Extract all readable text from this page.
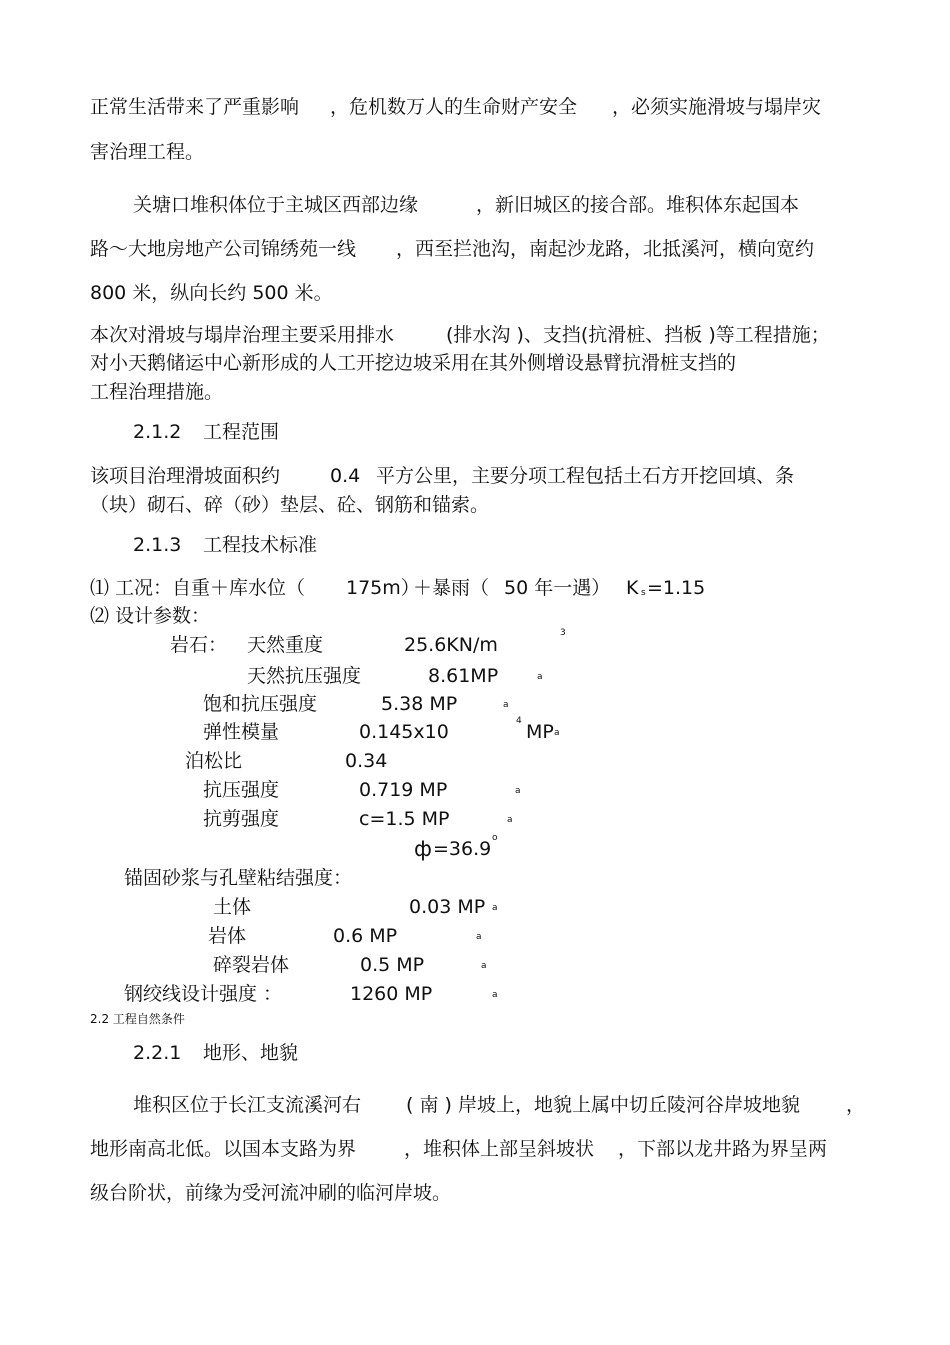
正常生活带来了严重影响 ，危机数万人的生命财产安全 ，必须实施滑坡与塌岸灾
害治理工程。
关塘口堆积体位于主城区西部边缘	，新旧城区的接合部。堆积体东起国本
路～大地房地产公司锦绣苑一线 ，西至拦池沟，南起沙龙路，北抵溪河，横向宽约
800 米，纵向长约 500 米。
本次对滑坡与塌岸治理主要采用排水	(排水沟 )、支挡(抗滑桩、挡板 )等工程措施；
对小天鹅储运中心新形成的人工开挖边坡采用在其外侧增设悬臂抗滑桩支挡的
工程治理措施。
2.1.2 工程范围
该项目治理滑坡面积约	0.4 平方公里，主要分项工程包括土石方开挖回填、条
（块）砌石、碎（砂）垫层、砼、钢筋和锚索。
2.1.3 工程技术标准
⑴ 工况：自重＋库水位（ 175m）
＋暴雨（ 50 年一遇） K s =1.15
⑵ 设计参数：
岩石： 天然重度	25.6KN/m
3
天然抗压强度	8.61MP	a
饱和抗压强度	5.38 MP	a
弹性模量	0.145x10	4 MP a
泊松比	0.34
抗压强度	0.719 MP	a
抗剪强度	c=1.5 MP	a
ф =36.9 o
锚固砂浆与孔壁粘结强度：
土体	0.03 MP a
岩体	0.6 MP	a
碎裂岩体	0.5 MP	a
钢绞线设计强度 ：	1260 MP	a
2.2 工程自然条件
2.2.1 地形、地貌
堆积区位于长江支流溪河右 ( 南 ) 岸坡上，地貌上属中切丘陵河谷岸坡地貌 ，
地形南高北低。以国本支路为界	，堆积体上部呈斜坡状 ，下部以龙井路为界呈两
级台阶状，前缘为受河流冲刷的临河岸坡。
